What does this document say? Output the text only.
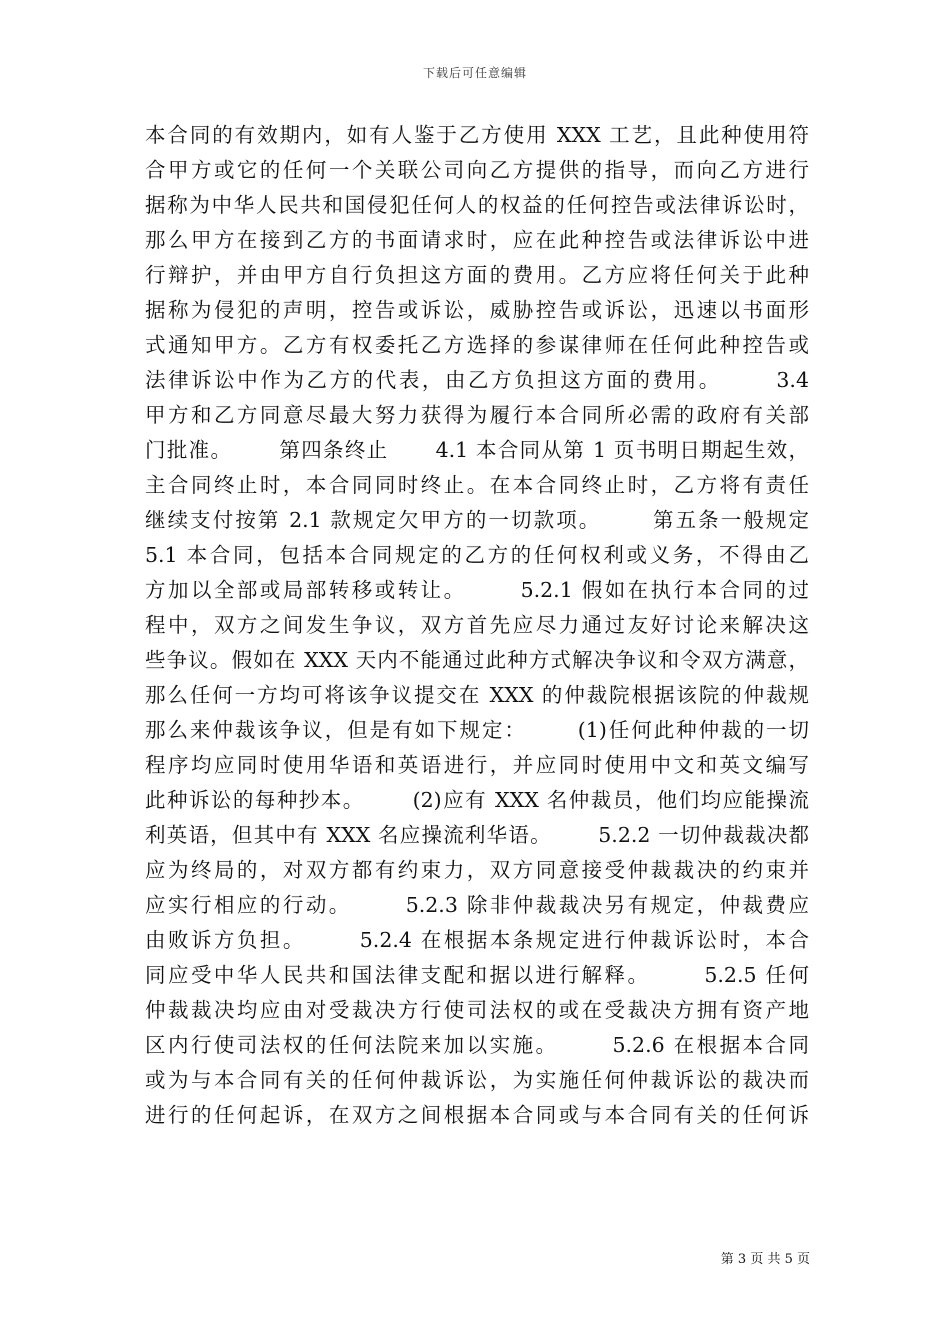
下载后可任意编辑
本合同的有效期内，如有人鉴于乙方使用 XXX 工艺，且此种使用符
合甲方或它的任何一个关联公司向乙方提供的指导，而向乙方进行
据称为中华人民共和国侵犯任何人的权益的任何控告或法律诉讼时，
那么甲方在接到乙方的书面请求时，应在此种控告或法律诉讼中进
行辩护，并由甲方自行负担这方面的费用。乙方应将任何关于此种
据称为侵犯的声明，控告或诉讼，威胁控告或诉讼，迅速以书面形
式通知甲方。乙方有权委托乙方选择的参谋律师在任何此种控告或
法律诉讼中作为乙方的代表，由乙方负担这方面的费用。      3.4
甲方和乙方同意尽最大努力获得为履行本合同所必需的政府有关部
门批准。      第四条终止      4.1 本合同从第 1 页书明日期起生效，
主合同终止时，本合同同时终止。在本合同终止时，乙方将有责任
继续支付按第 2.1 款规定欠甲方的一切款项。      第五条一般规定
5.1 本合同，包括本合同规定的乙方的任何权利或义务，不得由乙
方加以全部或局部转移或转让。      5.2.1 假如在执行本合同的过
程中，双方之间发生争议，双方首先应尽力通过友好讨论来解决这
些争议。假如在 XXX 天内不能通过此种方式解决争议和令双方满意，
那么任何一方均可将该争议提交在 XXX 的仲裁院根据该院的仲裁规
那么来仲裁该争议，但是有如下规定：      (1)任何此种仲裁的一切
程序均应同时使用华语和英语进行，并应同时使用中文和英文编写
此种诉讼的每种抄本。      (2)应有 XXX 名仲裁员，他们均应能操流
利英语，但其中有 XXX 名应操流利华语。      5.2.2 一切仲裁裁决都
应为终局的，对双方都有约束力，双方同意接受仲裁裁决的约束并
应实行相应的行动。      5.2.3 除非仲裁裁决另有规定，仲裁费应
由败诉方负担。      5.2.4 在根据本条规定进行仲裁诉讼时，本合
同应受中华人民共和国法律支配和据以进行解释。      5.2.5 任何
仲裁裁决均应由对受裁决方行使司法权的或在受裁决方拥有资产地
区内行使司法权的任何法院来加以实施。      5.2.6 在根据本合同
或为与本合同有关的任何仲裁诉讼，为实施任何仲裁诉讼的裁决而
进行的任何起诉，在双方之间根据本合同或与本合同有关的任何诉
第 3 页 共 5 页
